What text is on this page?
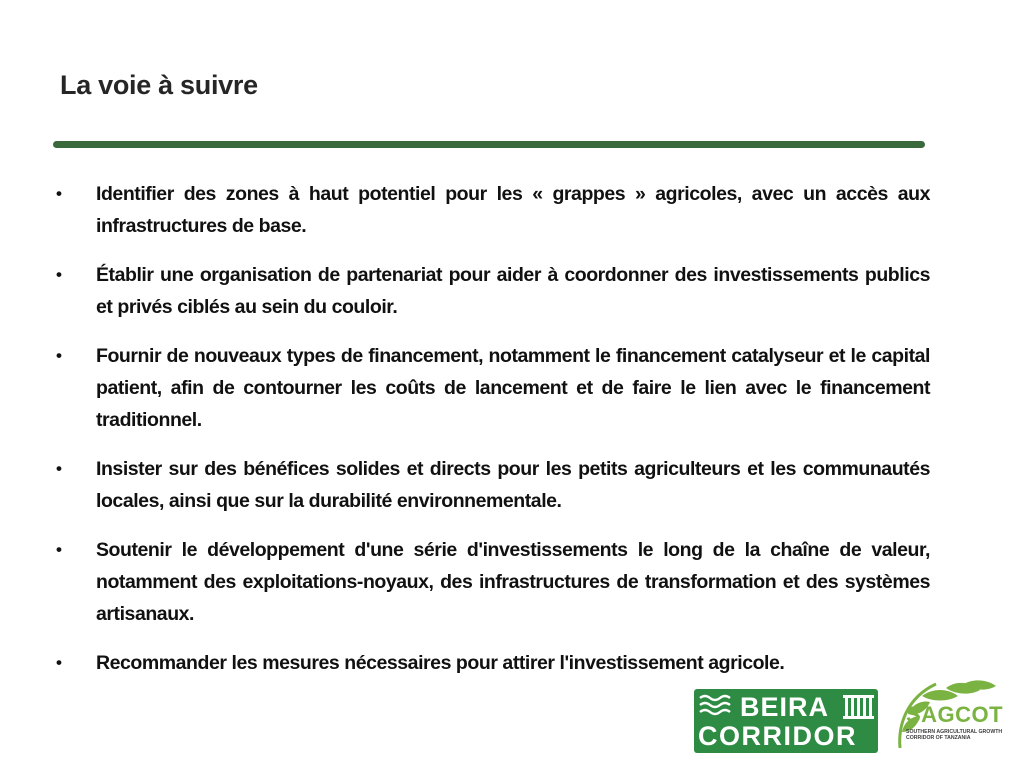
La voie à suivre
• Identifier des zones à haut potentiel pour les « grappes » agricoles, avec un accès aux infrastructures de base.
• Établir une organisation de partenariat pour aider à coordonner des investissements publics et privés ciblés au sein du couloir.
• Fournir de nouveaux types de financement, notamment le financement catalyseur et le capital patient, afin de contourner les coûts de lancement et de faire le lien avec le financement traditionnel.
• Insister sur des bénéfices solides et directs pour les petits agriculteurs et les communautés locales, ainsi que sur la durabilité environnementale.
• Soutenir le développement d'une série d'investissements le long de la chaîne de valeur, notamment des exploitations-noyaux, des infrastructures de transformation et des systèmes artisanaux.
• Recommander les mesures nécessaires pour attirer l'investissement agricole.
BEIRA
CORRIDOR
SAGCOT
SOUTHERN AGRICULTURAL GROWTH
CORRIDOR OF TANZANIA
